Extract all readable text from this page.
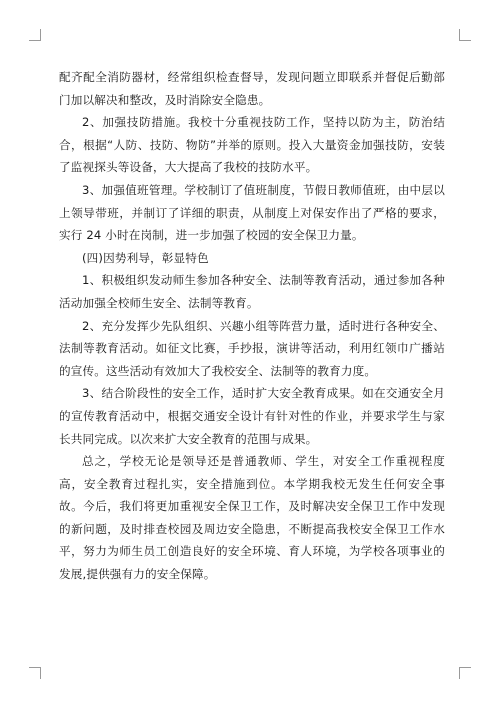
配齐配全消防器材，经常组织检查督导，发现问题立即联系并督促后勤部门加以解决和整改，及时消除安全隐患。

2、加强技防措施。我校十分重视技防工作，坚持以防为主，防治结合，根据“人防、技防、物防”并举的原则。投入大量资金加强技防，安装了监视探头等设备，大大提高了我校的技防水平。

3、加强值班管理。学校制订了值班制度，节假日教师值班，由中层以上领导带班，并制订了详细的职责，从制度上对保安作出了严格的要求，实行 24 小时在岗制，进一步加强了校园的安全保卫力量。

(四)因势利导，彰显特色

1、积极组织发动师生参加各种安全、法制等教育活动，通过参加各种活动加强全校师生安全、法制等教育。

2、充分发挥少先队组织、兴趣小组等阵营力量，适时进行各种安全、法制等教育活动。如征文比赛，手抄报，演讲等活动，利用红领巾广播站的宣传。这些活动有效加大了我校安全、法制等的教育力度。

3、结合阶段性的安全工作，适时扩大安全教育成果。如在交通安全月的宣传教育活动中，根据交通安全设计有针对性的作业，并要求学生与家长共同完成。以次来扩大安全教育的范围与成果。

总之，学校无论是领导还是普通教师、学生，对安全工作重视程度高，安全教育过程扎实，安全措施到位。本学期我校无发生任何安全事故。今后，我们将更加重视安全保卫工作，及时解决安全保卫工作中发现的新问题，及时排查校园及周边安全隐患，不断提高我校安全保卫工作水平，努力为师生员工创造良好的安全环境、育人环境，为学校各项事业的发展,提供强有力的安全保障。
